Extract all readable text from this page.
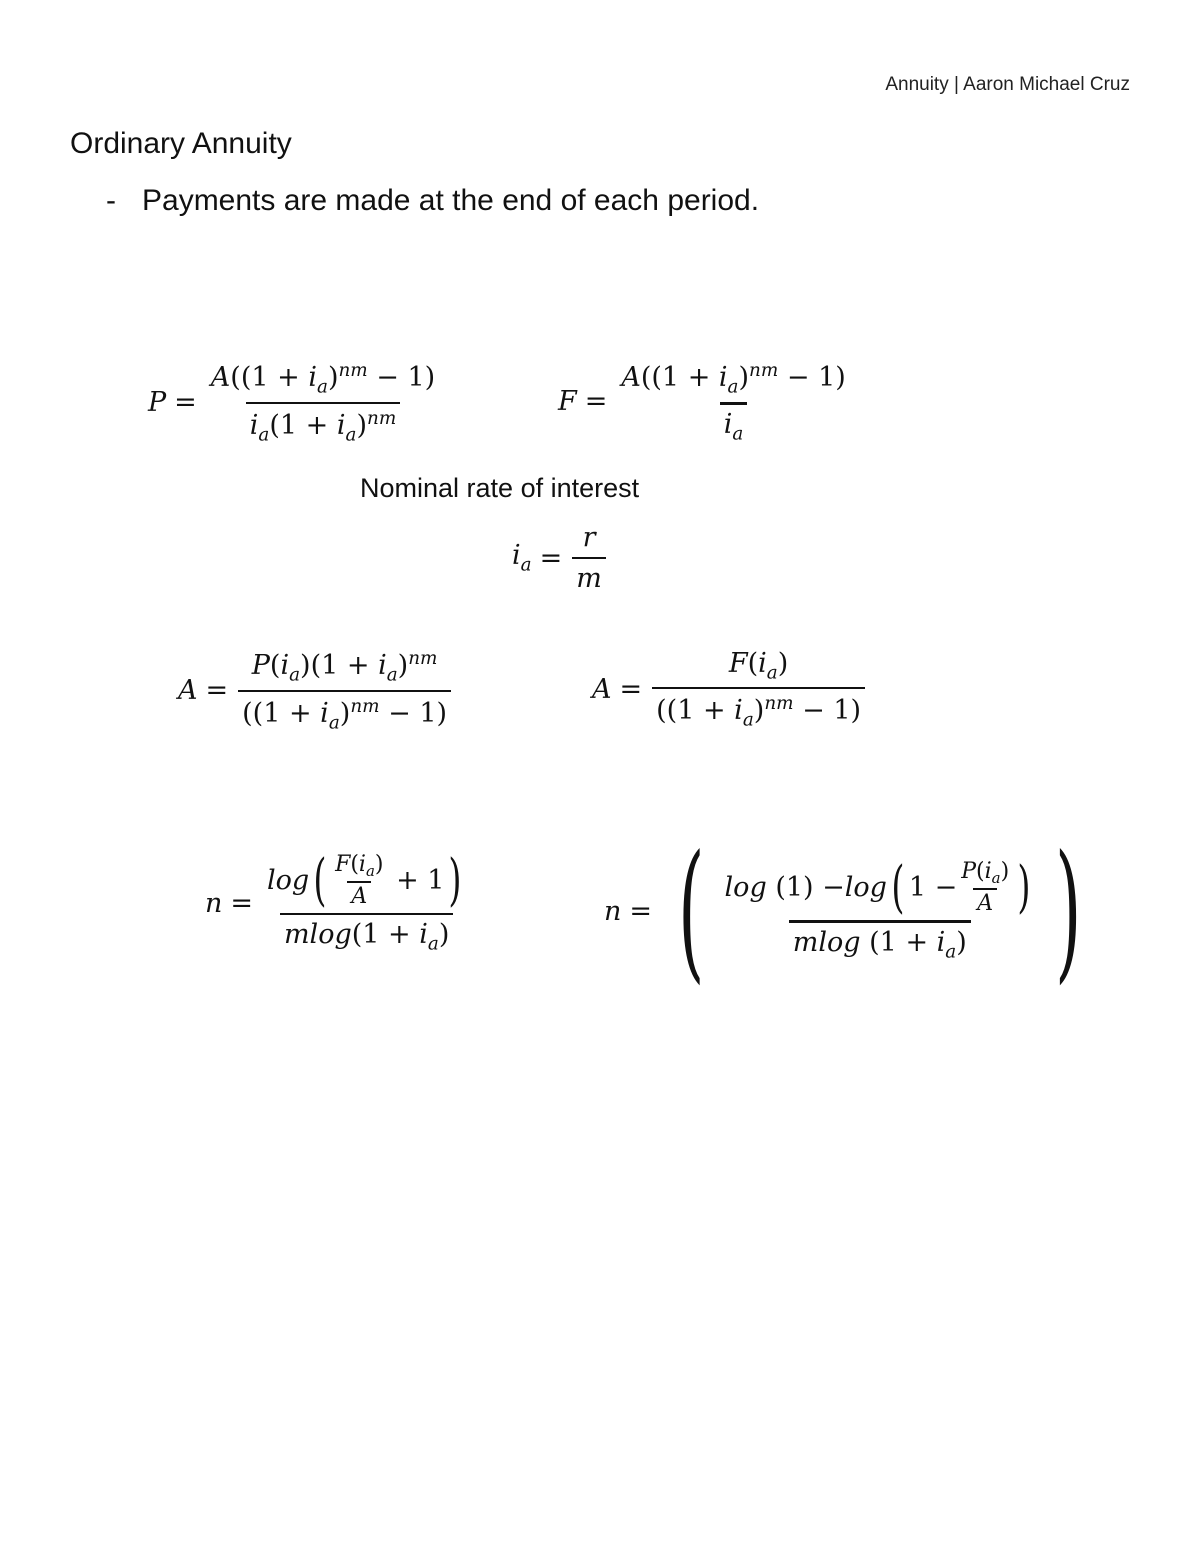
Annuity | Aaron Michael Cruz
Ordinary Annuity
- Payments are made at the end of each period.
$P = \frac{A((1 + i_a)^{nm} - 1)}{i_a(1 + i_a)^{nm}}$	$F = \frac{A((1 + i_a)^{nm} - 1)}{i_a}$
Nominal rate of interest
$i_a = \frac{r}{m}$
$A = \frac{P(i_a)(1 + i_a)^{nm}}{((1 + i_a)^{nm} - 1)}$	$A = \frac{F(i_a)}{((1 + i_a)^{nm} - 1)}$
n =
log ( $\frac{F(i_a)}{A} + 1$ )
$mlog(1 + i_a)$
n = ( log (1) − log ( $1 - \frac{P(i_a)}{A}$ )
mlog $(1 + i_a)$ )
